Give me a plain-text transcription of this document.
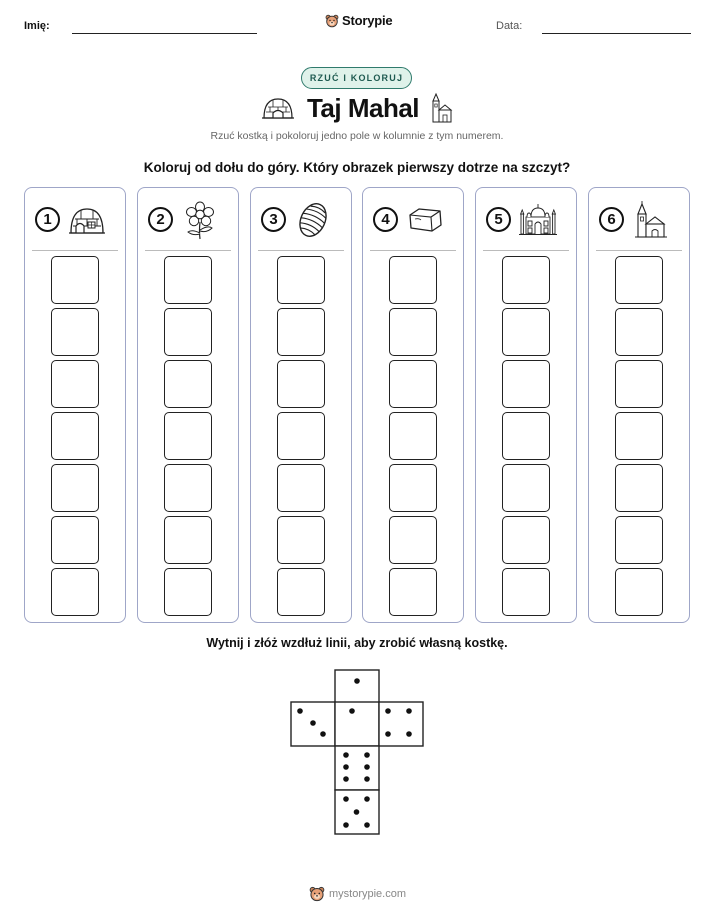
Imię:	Storypie	Data:
RZUĆ I KOLORUJ
Taj Mahal
Rzuć kostką i pokoloruj jedno pole w kolumnie z tym numerem.
Koloruj od dołu do góry. Który obrazek pierwszy dotrze na szczyt?
1	2	3	4	5	6
Wytnij i złóż wzdłuż linii, aby zrobić własną kostkę.
mystorypie.com
